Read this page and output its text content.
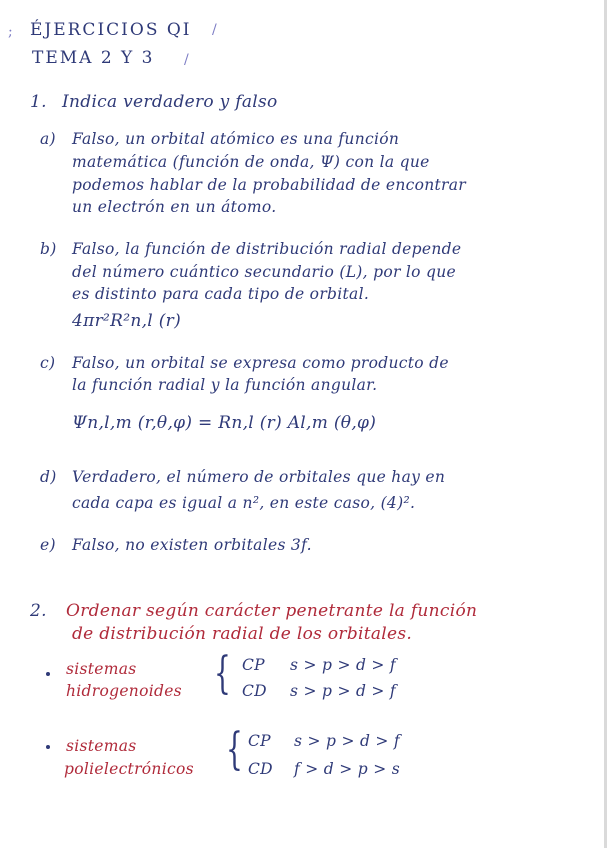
; ÉJERCICIOS QI /
TEMA 2 Y 3 /
1. Indica verdadero y falso
a) Falso, un orbital atómico es una función
matemática (función de onda, Ψ) con la que
podemos hablar de la probabilidad de encontrar
un electrón en un átomo.
b) Falso, la función de distribución radial depende
del número cuántico secundario (L), por lo que
es distinto para cada tipo de orbital.
4πr²R²n,l (r)
c) Falso, un orbital se expresa como producto de
la función radial y la función angular.
Ψn,l,m (r,θ,φ) = Rn,l (r) Al,m (θ,φ)
d) Verdadero, el número de orbitales que hay en
cada capa es igual a n², en este caso, (4)².
e) Falso, no existen orbitales 3f.
2. Ordenar según carácter penetrante la función
de distribución radial de los orbitales.
sistemas
hidrogenoides { CP s > p > d > f
CD s > p > d > f
sistemas
polielectrónicos { CP s > p > d > f
CD f > d > p > s
